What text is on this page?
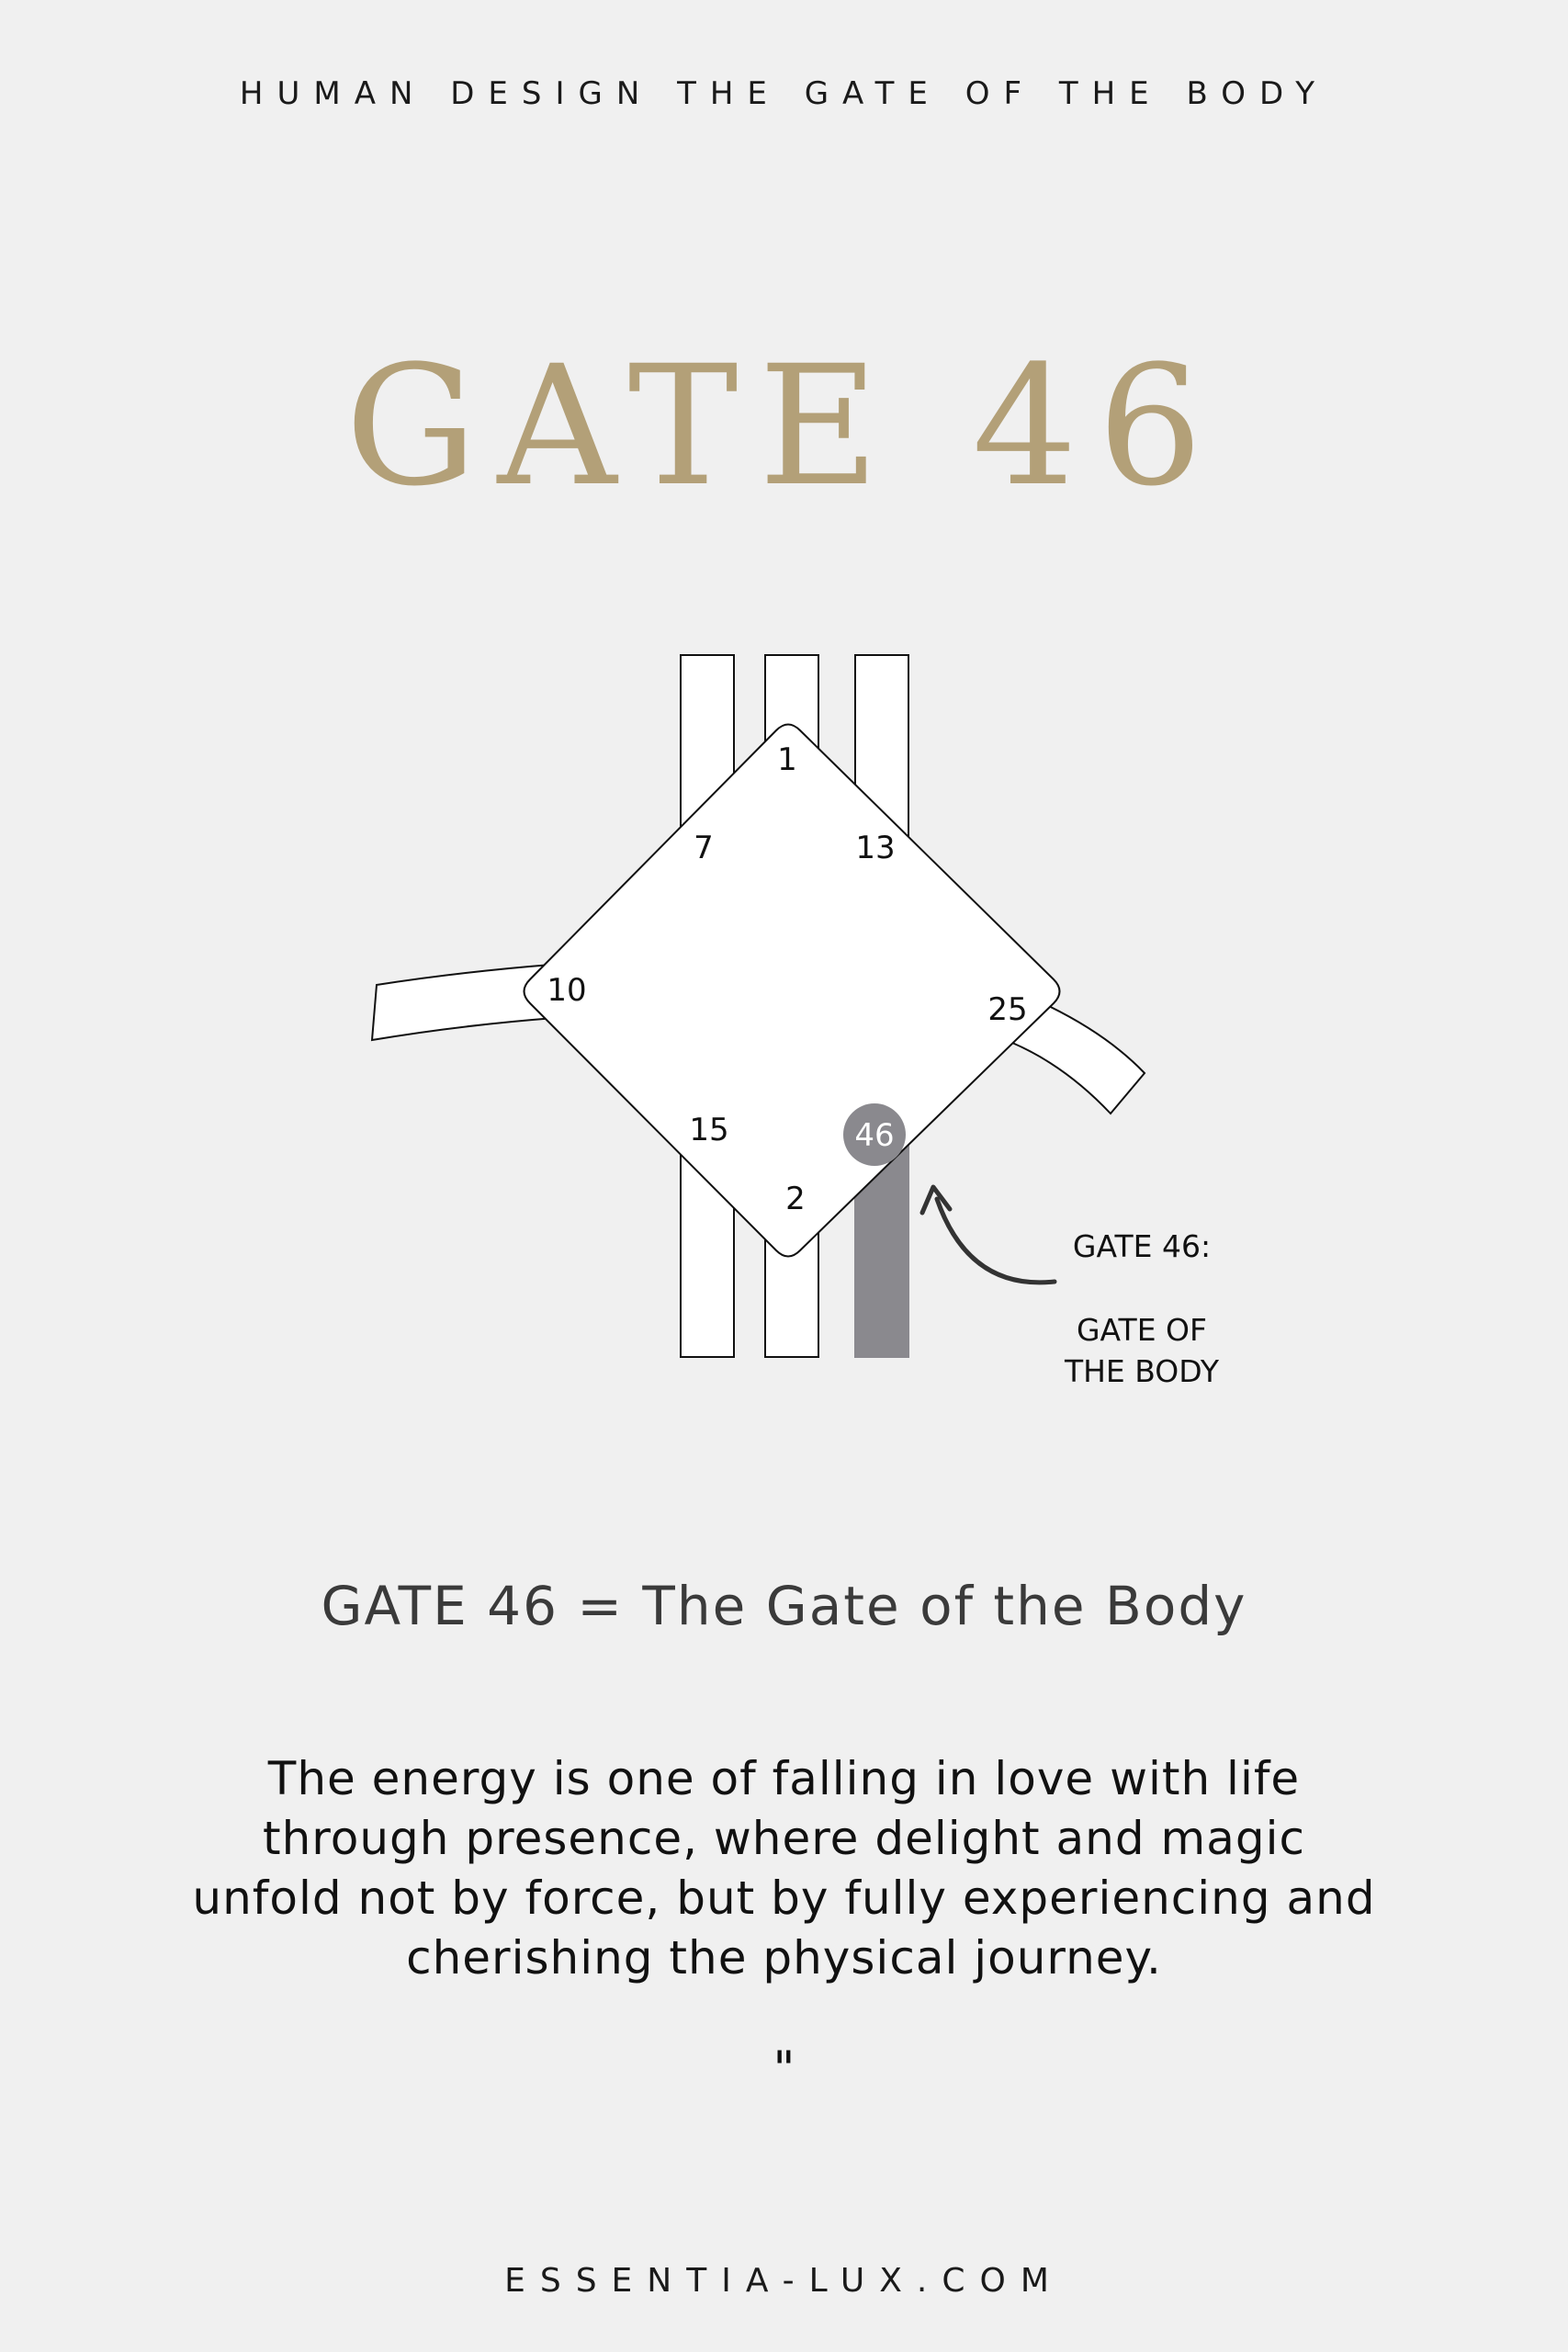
HUMAN DESIGN THE GATE OF THE BODY
GATE 46
1
7	13
10
25
15
2
46
GATE 46:
GATE OF
THE BODY
GATE 46 = The Gate of the Body
The energy is one of falling in love with life through presence, where delight and magic unfold not by force, but by fully experiencing and cherishing the physical journey.
"
ESSENTIA-LUX.COM
